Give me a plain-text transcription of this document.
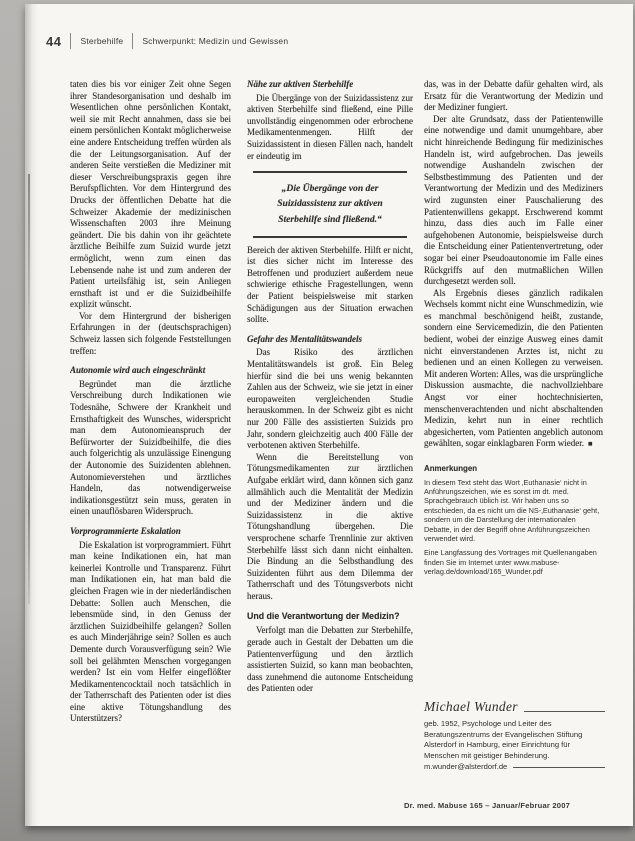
44 Sterbehilfe Schwerpunkt: Medizin und Gewissen

taten dies bis vor einiger Zeit ohne Segen ihrer Standesorganisation und deshalb im Wesentlichen ohne persönlichen Kontakt, weil sie mit Recht annahmen, dass sie bei einem persönlichen Kontakt möglicherweise eine andere Entscheidung treffen würden als die der Leitungsorganisation. Auf der anderen Seite verstießen die Mediziner mit dieser Verschreibungspraxis gegen ihre Berufspflichten. Vor dem Hintergrund des Drucks der öffentlichen Debatte hat die Schweizer Akademie der medizinischen Wissenschaften 2003 ihre Meinung geändert. Die bis dahin von ihr geächtete ärztliche Beihilfe zum Suizid wurde jetzt ermöglicht, wenn zum einen das Lebensende nahe ist und zum anderen der Patient urteilsfähig ist, sein Anliegen ernsthaft ist und er die Suizidbeihilfe explizit wünscht.

Vor dem Hintergrund der bisherigen Erfahrungen in der (deutschsprachigen) Schweiz lassen sich folgende Feststellungen treffen:

Autonomie wird auch eingeschränkt

Begründet man die ärztliche Verschreibung durch Indikationen wie Todesnähe, Schwere der Krankheit und Ernsthaftigkeit des Wunsches, widerspricht man dem Autonomieanspruch der Befürworter der Suizidbeihilfe, die dies auch folgerichtig als unzulässige Einengung der Autonomie des Suizidenten ablehnen. Autonomieverstehen und ärztliches Handeln, das notwendigerweise indikationsgestützt sein muss, geraten in einen unauflösbaren Widerspruch.

Vorprogrammierte Eskalation

Die Eskalation ist vorprogrammiert. Führt man keine Indikationen ein, hat man keinerlei Kontrolle und Transparenz. Führt man Indikationen ein, hat man bald die gleichen Fragen wie in der niederländischen Debatte: Sollen auch Menschen, die lebensmüde sind, in den Genuss der ärztlichen Suizidbeihilfe gelangen? Sollen es auch Minderjährige sein? Sollen es auch Demente durch Vorausverfügung sein? Wie soll bei gelähmten Menschen vorgegangen werden? Ist ein vom Helfer eingeflößter Medikamentencocktail noch tatsächlich in der Tatherrschaft des Patienten oder ist dies eine aktive Tötungshandlung des Unterstützers?

Nähe zur aktiven Sterbehilfe

Die Übergänge von der Suizidassistenz zur aktiven Sterbehilfe sind fließend, eine Pille unvollständig eingenommen oder erbrochene Medikamentenmengen. Hilft der Suizidassistent in diesen Fällen nach, handelt er eindeutig im

„Die Übergänge von der Suizidassistenz zur aktiven Sterbehilfe sind fließend.“

Bereich der aktiven Sterbehilfe. Hilft er nicht, ist dies sicher nicht im Interesse des Betroffenen und produziert außerdem neue schwierige ethische Fragestellungen, wenn der Patient beispielsweise mit starken Schädigungen aus der Situation erwachen sollte.

Gefahr des Mentalitätswandels

Das Risiko des ärztlichen Mentalitätswandels ist groß. Ein Beleg hierfür sind die bei uns wenig bekannten Zahlen aus der Schweiz, wie sie jetzt in einer europaweiten vergleichenden Studie herauskommen. In der Schweiz gibt es nicht nur 200 Fälle des assistierten Suizids pro Jahr, sondern gleichzeitig auch 400 Fälle der verbotenen aktiven Sterbehilfe.

Wenn die Bereitstellung von Tötungsmedikamenten zur ärztlichen Aufgabe erklärt wird, dann können sich ganz allmählich auch die Mentalität der Medizin und der Mediziner ändern und die Suizidassistenz in die aktive Tötungshandlung übergehen. Die versprochene scharfe Trennlinie zur aktiven Sterbehilfe lässt sich dann nicht einhalten. Die Bindung an die Selbsthandlung des Suizidenten führt aus dem Dilemma der Tatherrschaft und des Tötungsverbots nicht heraus.

Und die Verantwortung der Medizin?

Verfolgt man die Debatten zur Sterbehilfe, gerade auch in Gestalt der Debatten um die Patientenverfügung und den ärztlich assistierten Suizid, so kann man beobachten, dass zunehmend die autonome Entscheidung des Patienten oder

das, was in der Debatte dafür gehalten wird, als Ersatz für die Verantwortung der Medizin und der Mediziner fungiert.

Der alte Grundsatz, dass der Patientenwille eine notwendige und damit unumgehbare, aber nicht hinreichende Bedingung für medizinisches Handeln ist, wird aufgebrochen. Das jeweils notwendige Aushandeln zwischen der Selbstbestimmung des Patienten und der Verantwortung der Medizin und des Mediziners wird zugunsten einer Pauschalierung des Patientenwillens gekappt. Erschwerend kommt hinzu, dass dies auch im Falle einer aufgehobenen Autonomie, beispielsweise durch die Entscheidung einer Patientenvertretung, oder sogar bei einer Pseudoautonomie im Falle eines Rückgriffs auf den mutmaßlichen Willen durchgesetzt werden soll.

Als Ergebnis dieses gänzlich radikalen Wechsels kommt nicht eine Wunschmedizin, wie es manchmal beschönigend heißt, zustande, sondern eine Servicemedizin, die den Patienten bedient, wobei der einzige Ausweg eines damit nicht einverstandenen Arztes ist, nicht zu bedienen und an einen Kollegen zu verweisen. Mit anderen Worten: Alles, was die ursprüngliche Diskussion ausmachte, die nachvollziehbare Angst vor einer hochtechnisierten, menschenverachtenden und nicht abschaltenden Medizin, kehrt nun in einer rechtlich abgesicherten, vom Patienten angeblich autonom gewählten, sogar einklagbaren Form wieder. ■

Anmerkungen

In diesem Text steht das Wort ‚Euthanasie‘ nicht in Anführungszeichen, wie es sonst im dt. med. Sprachgebrauch üblich ist. Wir haben uns so entschieden, da es nicht um die NS-‚Euthanasie‘ geht, sondern um die Darstellung der internationalen Debatte, in der der Begriff ohne Anführungszeichen verwendet wird.

Eine Langfassung des Vortrages mit Quellenangaben finden Sie im Internet unter www.mabuse-verlag.de/download/165_Wunder.pdf

Michael Wunder

geb. 1952, Psychologe und Leiter des Beratungszentrums der Evangelischen Stiftung Alsterdorf in Hamburg, einer Einrichtung für Menschen mit geistiger Behinderung.

m.wunder@alsterdorf.de
Dr. med. Mabuse 165 – Januar/Februar 2007
